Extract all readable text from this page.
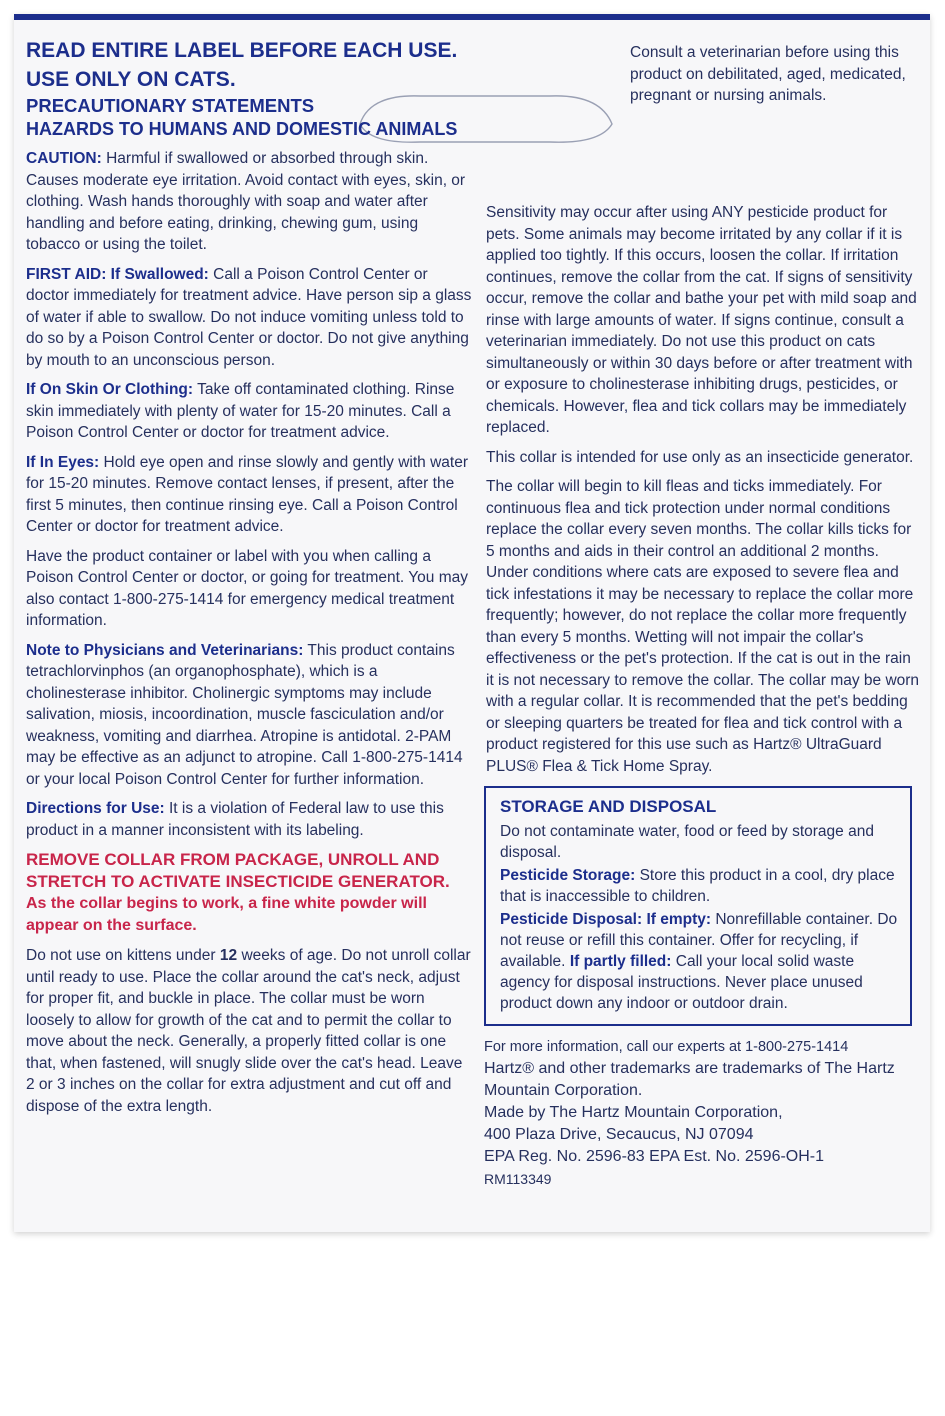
READ ENTIRE LABEL BEFORE EACH USE.

USE ONLY ON CATS.

PRECAUTIONARY STATEMENTS

HAZARDS TO HUMANS AND DOMESTIC ANIMALS

CAUTION: Harmful if swallowed or absorbed through skin. Causes moderate eye irritation. Avoid contact with eyes, skin, or clothing. Wash hands thoroughly with soap and water after handling and before eating, drinking, chewing gum, using tobacco or using the toilet.

FIRST AID: If Swallowed: Call a Poison Control Center or doctor immediately for treatment advice. Have person sip a glass of water if able to swallow. Do not induce vomiting unless told to do so by a Poison Control Center or doctor. Do not give anything by mouth to an unconscious person.

If On Skin Or Clothing: Take off contaminated clothing. Rinse skin immediately with plenty of water for 15-20 minutes. Call a Poison Control Center or doctor for treatment advice.

If In Eyes: Hold eye open and rinse slowly and gently with water for 15-20 minutes. Remove contact lenses, if present, after the first 5 minutes, then continue rinsing eye. Call a Poison Control Center or doctor for treatment advice.

Have the product container or label with you when calling a Poison Control Center or doctor, or going for treatment. You may also contact 1-800-275-1414 for emergency medical treatment information.

Note to Physicians and Veterinarians: This product contains tetrachlorvinphos (an organophosphate), which is a cholinesterase inhibitor. Cholinergic symptoms may include salivation, miosis, incoordination, muscle fasciculation and/or weakness, vomiting and diarrhea. Atropine is antidotal. 2-PAM may be effective as an adjunct to atropine. Call 1-800-275-1414 or your local Poison Control Center for further information.

Directions for Use: It is a violation of Federal law to use this product in a manner inconsistent with its labeling.

REMOVE COLLAR FROM PACKAGE, UNROLL AND STRETCH TO ACTIVATE INSECTICIDE GENERATOR.

As the collar begins to work, a fine white powder will appear on the surface.

Do not use on kittens under 12 weeks of age. Do not unroll collar until ready to use. Place the collar around the cat's neck, adjust for proper fit, and buckle in place. The collar must be worn loosely to allow for growth of the cat and to permit the collar to move about the neck. Generally, a properly fitted collar is one that, when fastened, will snugly slide over the cat's head. Leave 2 or 3 inches on the collar for extra adjustment and cut off and dispose of the extra length.

Consult a veterinarian before using this product on debilitated, aged, medicated, pregnant or nursing animals.

Sensitivity may occur after using ANY pesticide product for pets. Some animals may become irritated by any collar if it is applied too tightly. If this occurs, loosen the collar. If irritation continues, remove the collar from the cat. If signs of sensitivity occur, remove the collar and bathe your pet with mild soap and rinse with large amounts of water. If signs continue, consult a veterinarian immediately. Do not use this product on cats simultaneously or within 30 days before or after treatment with or exposure to cholinesterase inhibiting drugs, pesticides, or chemicals. However, flea and tick collars may be immediately replaced.

This collar is intended for use only as an insecticide generator.

The collar will begin to kill fleas and ticks immediately. For continuous flea and tick protection under normal conditions replace the collar every seven months. The collar kills ticks for 5 months and aids in their control an additional 2 months. Under conditions where cats are exposed to severe flea and tick infestations it may be necessary to replace the collar more frequently; however, do not replace the collar more frequently than every 5 months. Wetting will not impair the collar's effectiveness or the pet's protection. If the cat is out in the rain it is not necessary to remove the collar. The collar may be worn with a regular collar. It is recommended that the pet's bedding or sleeping quarters be treated for flea and tick control with a product registered for this use such as Hartz® UltraGuard PLUS® Flea & Tick Home Spray.

STORAGE AND DISPOSAL

Do not contaminate water, food or feed by storage and disposal.

Pesticide Storage: Store this product in a cool, dry place that is inaccessible to children.

Pesticide Disposal: If empty: Nonrefillable container. Do not reuse or refill this container. Offer for recycling, if available. If partly filled: Call your local solid waste agency for disposal instructions. Never place unused product down any indoor or outdoor drain.

For more information, call our experts at 1-800-275-1414

Hartz® and other trademarks are trademarks of The Hartz Mountain Corporation.

Made by The Hartz Mountain Corporation,

400 Plaza Drive, Secaucus, NJ 07094

EPA Reg. No. 2596-83 EPA Est. No. 2596-OH-1

RM113349
